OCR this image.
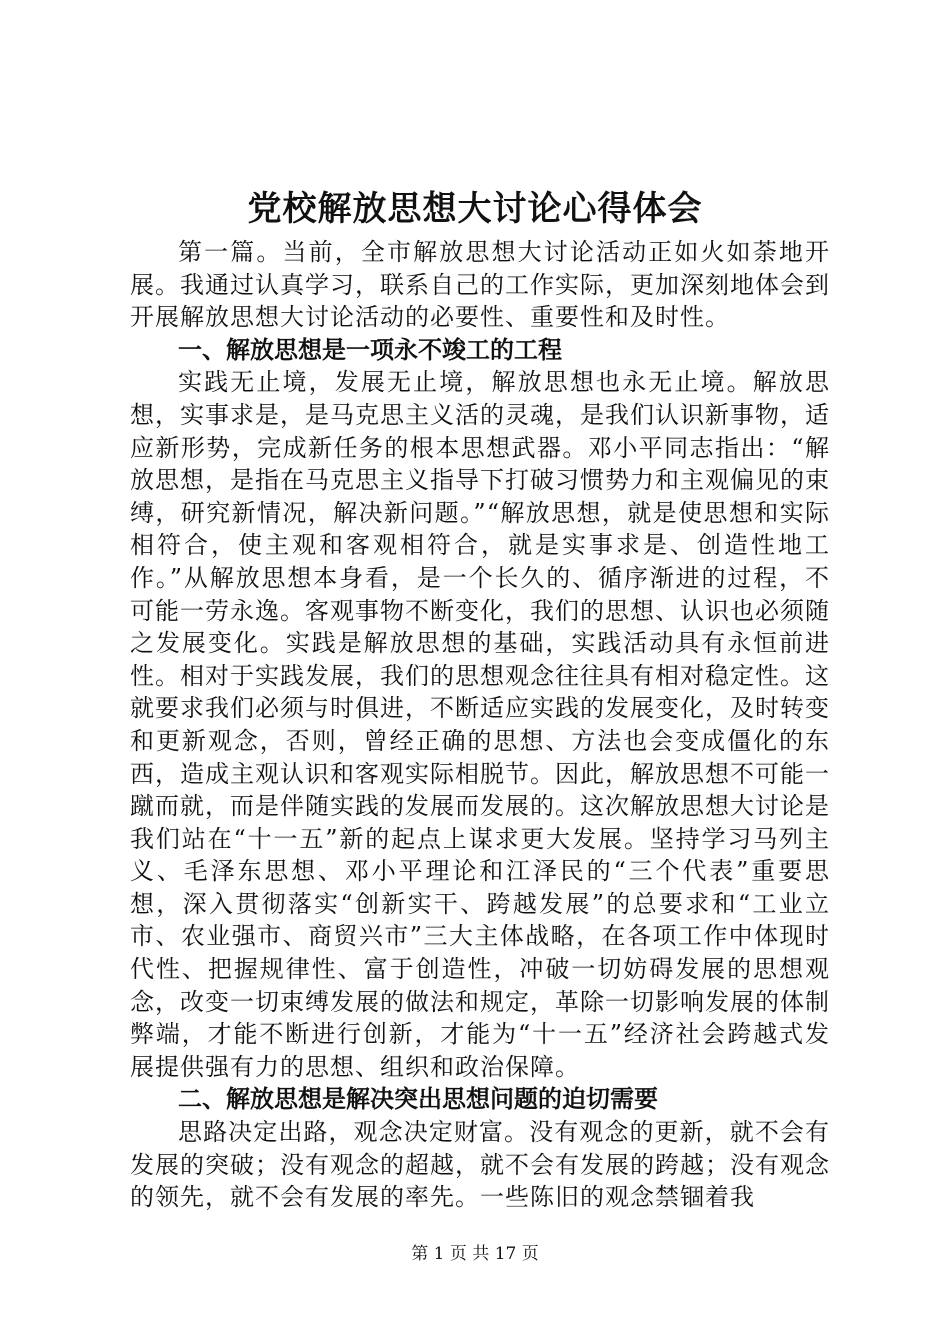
党校解放思想大讨论心得体会

第一篇。当前，全市解放思想大讨论活动正如火如荼地开展。我通过认真学习，联系自己的工作实际，更加深刻地体会到开展解放思想大讨论活动的必要性、重要性和及时性。

一、解放思想是一项永不竣工的工程

实践无止境，发展无止境，解放思想也永无止境。解放思想，实事求是，是马克思主义活的灵魂，是我们认识新事物，适应新形势，完成新任务的根本思想武器。邓小平同志指出：“解放思想，是指在马克思主义指导下打破习惯势力和主观偏见的束缚，研究新情况，解决新问题。”“解放思想，就是使思想和实际相符合，使主观和客观相符合，就是实事求是、创造性地工作。”从解放思想本身看，是一个长久的、循序渐进的过程，不可能一劳永逸。客观事物不断变化，我们的思想、认识也必须随之发展变化。实践是解放思想的基础，实践活动具有永恒前进性。相对于实践发展，我们的思想观念往往具有相对稳定性。这就要求我们必须与时俱进，不断适应实践的发展变化，及时转变和更新观念，否则，曾经正确的思想、方法也会变成僵化的东西，造成主观认识和客观实际相脱节。因此，解放思想不可能一蹴而就，而是伴随实践的发展而发展的。这次解放思想大讨论是我们站在“十一五”新的起点上谋求更大发展。坚持学习马列主义、毛泽东思想、邓小平理论和江泽民的“三个代表”重要思想，深入贯彻落实“创新实干、跨越发展”的总要求和“工业立市、农业强市、商贸兴市”三大主体战略，在各项工作中体现时代性、把握规律性、富于创造性，冲破一切妨碍发展的思想观念，改变一切束缚发展的做法和规定，革除一切影响发展的体制弊端，才能不断进行创新，才能为“十一五”经济社会跨越式发展提供强有力的思想、组织和政治保障。

二、解放思想是解决突出思想问题的迫切需要

思路决定出路，观念决定财富。没有观念的更新，就不会有发展的突破；没有观念的超越，就不会有发展的跨越；没有观念的领先，就不会有发展的率先。一些陈旧的观念禁锢着我

第 1 页 共 17 页
